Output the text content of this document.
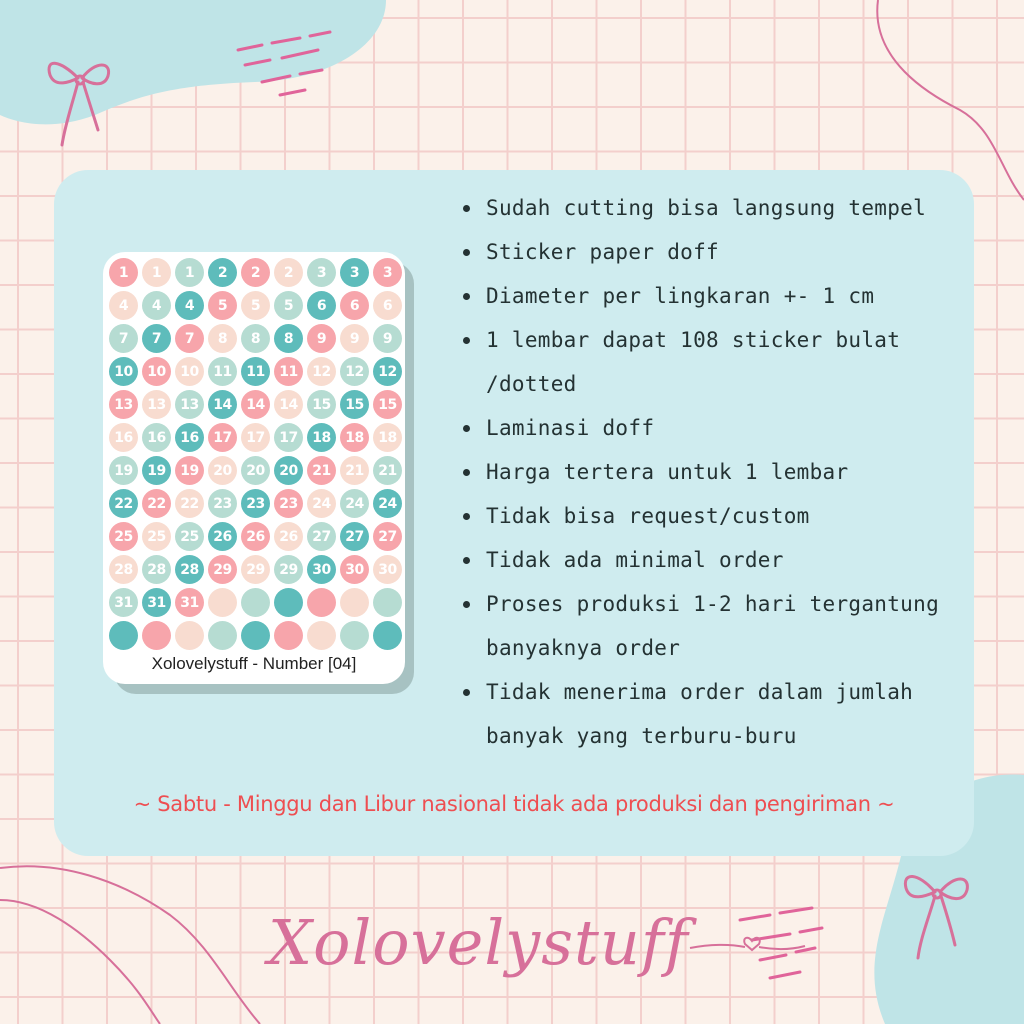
1	1	1	2	2	2	3	3	3
4	4	4	5	5	5	6	6	6
7	7	7	8	8	8	9	9	9
10	10	10	11	11	11	12	12	12
13	13	13	14	14	14	15	15	15
16	16	16	17	17	17	18	18	18
19	19	19	20	20	20	21	21	21
22	22	22	23	23	23	24	24	24
25	25	25	26	26	26	27	27	27
28	28	28	29	29	29	30	30	30
31	31	31
Xolovelystuff - Number [04]
Sudah cutting bisa langsung tempel
Sticker paper doff
Diameter per lingkaran +- 1 cm
1 lembar dapat 108 sticker bulat
/dotted
Laminasi doff
Harga tertera untuk 1 lembar
Tidak bisa request/custom
Tidak ada minimal order
Proses produksi 1-2 hari tergantung
banyaknya order
Tidak menerima order dalam jumlah
banyak yang terburu-buru
~ Sabtu - Minggu dan Libur nasional tidak ada produksi dan pengiriman ~
Xolovelystuff
